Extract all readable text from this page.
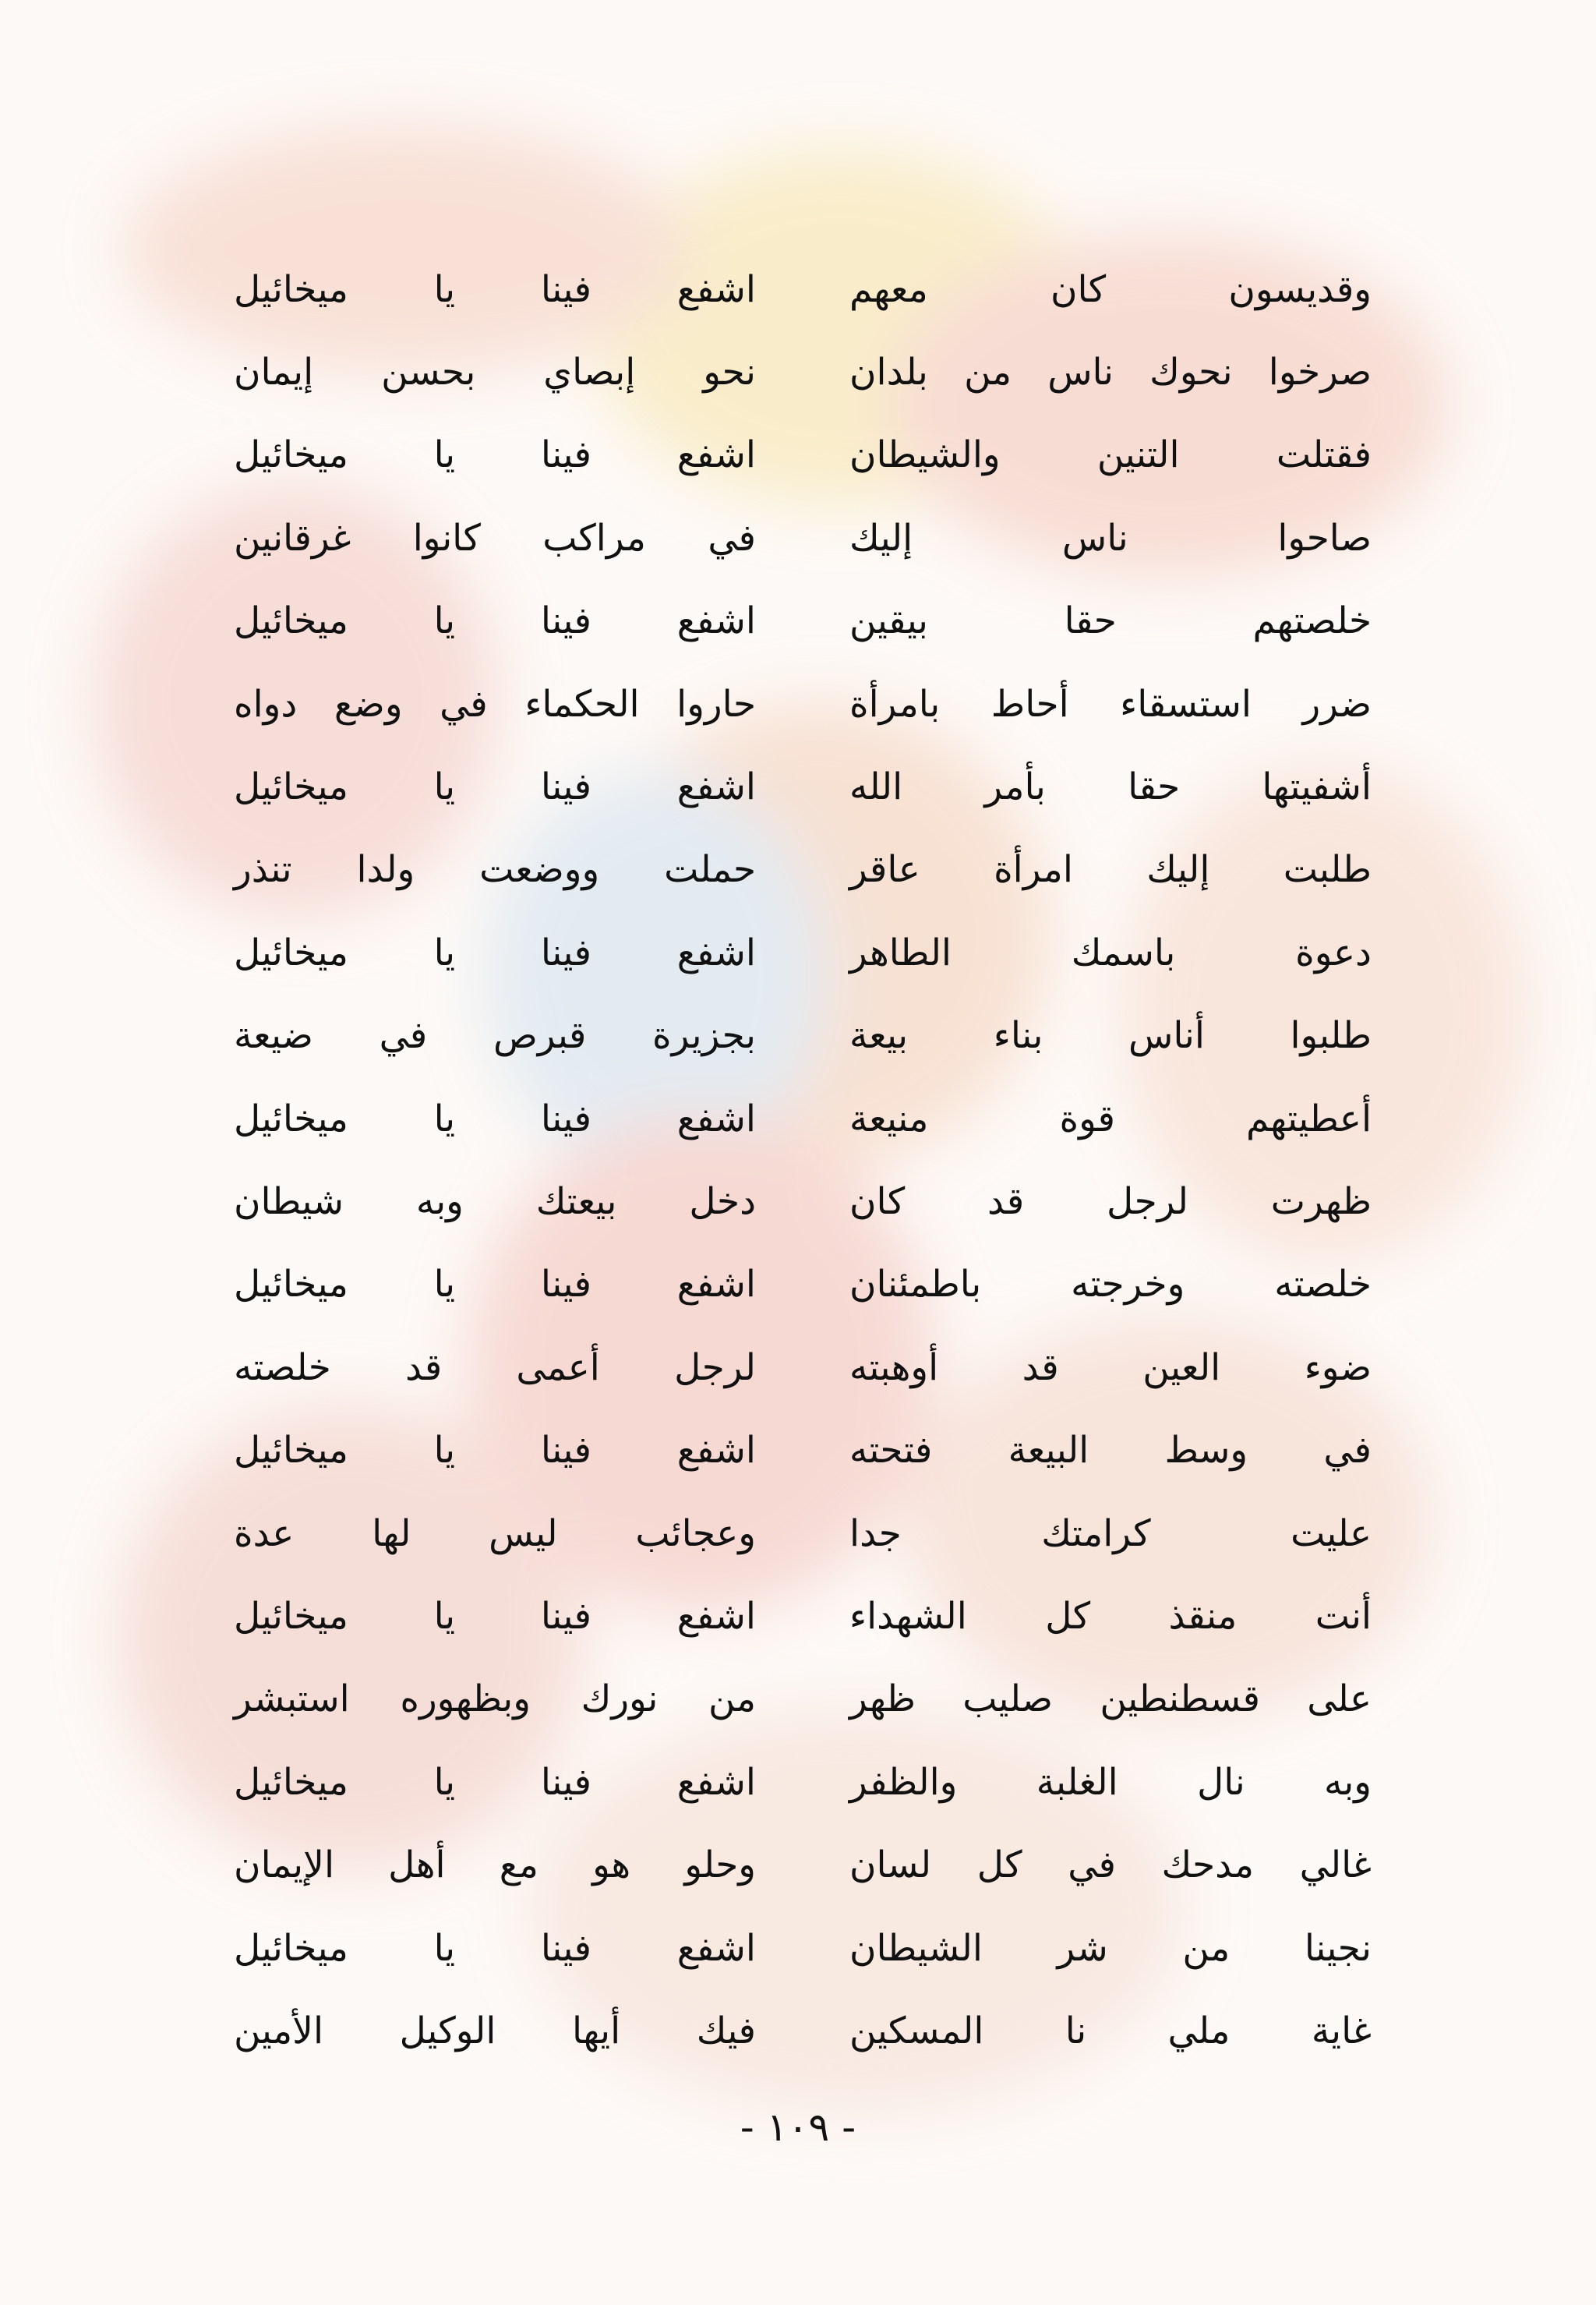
وقديسون
كان
معهم
اشفع
فينا
يا
ميخائيل
صرخوا
نحوك
ناس
من
بلدان
نحو
إبصاي
بحسن
إيمان
فقتلت
التنين
والشيطان
اشفع
فينا
يا
ميخائيل
صاحوا
ناس
إليك
في
مراكب
كانوا
غرقانين
خلصتهم
حقا
بيقين
اشفع
فينا
يا
ميخائيل
ضرر
استسقاء
أحاط
بامرأة
حاروا
الحكماء
في
وضع
دواه
أشفيتها
حقا
بأمر
الله
اشفع
فينا
يا
ميخائيل
طلبت
إليك
امرأة
عاقر
حملت
ووضعت
ولدا
تنذر
دعوة
باسمك
الطاهر
اشفع
فينا
يا
ميخائيل
طلبوا
أناس
بناء
بيعة
بجزيرة
قبرص
في
ضيعة
أعطيتهم
قوة
منيعة
اشفع
فينا
يا
ميخائيل
ظهرت
لرجل
قد
كان
دخل
بيعتك
وبه
شيطان
خلصته
وخرجته
باطمئنان
اشفع
فينا
يا
ميخائيل
ضوء
العين
قد
أوهبته
لرجل
أعمى
قد
خلصته
في
وسط
البيعة
فتحته
اشفع
فينا
يا
ميخائيل
عليت
كرامتك
جدا
وعجائب
ليس
لها
عدة
أنت
منقذ
كل
الشهداء
اشفع
فينا
يا
ميخائيل
على
قسطنطين
صليب
ظهر
من
نورك
وبظهوره
استبشر
وبه
نال
الغلبة
والظفر
اشفع
فينا
يا
ميخائيل
غالي
مدحك
في
كل
لسان
وحلو
هو
مع
أهل
الإيمان
نجينا
من
شر
الشيطان
اشفع
فينا
يا
ميخائيل
غاية
ملي
نا
المسكين
فيك
أيها
الوكيل
الأمين
- ١٠٩ -
